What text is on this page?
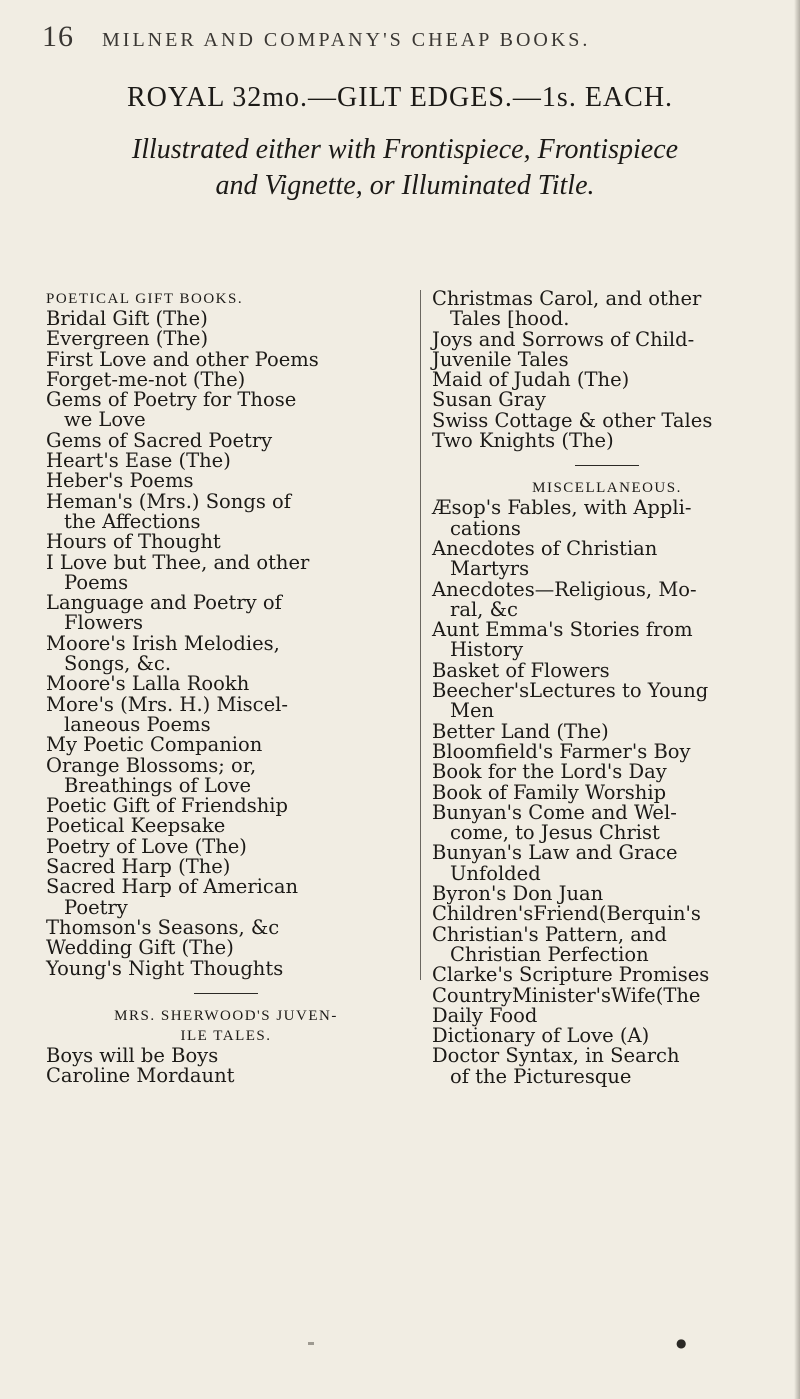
16 MILNER AND COMPANY'S CHEAP BOOKS.
ROYAL 32mo.—GILT EDGES.—1s. EACH.
Illustrated either with Frontispiece, Frontispiece
and Vignette, or Illuminated Title.
POETICAL GIFT BOOKS.
Bridal Gift (The)
Evergreen (The)
First Love and other Poems
Forget-me-not (The)
Gems of Poetry for Those
we Love
Gems of Sacred Poetry
Heart's Ease (The)
Heber's Poems
Heman's (Mrs.) Songs of
the Affections
Hours of Thought
I Love but Thee, and other
Poems
Language and Poetry of
Flowers
Moore's Irish Melodies,
Songs, &c.
Moore's Lalla Rookh
More's (Mrs. H.) Miscel-
laneous Poems
My Poetic Companion
Orange Blossoms; or,
Breathings of Love
Poetic Gift of Friendship
Poetical Keepsake
Poetry of Love (The)
Sacred Harp (The)
Sacred Harp of American
Poetry
Thomson's Seasons, &c
Wedding Gift (The)
Young's Night Thoughts
MRS. SHERWOOD'S JUVEN-
ILE TALES.
Boys will be Boys
Caroline Mordaunt
Christmas Carol, and other
Tales [hood.
Joys and Sorrows of Child-
Juvenile Tales
Maid of Judah (The)
Susan Gray
Swiss Cottage & other Tales
Two Knights (The)
MISCELLANEOUS.
Æsop's Fables, with Appli-
cations
Anecdotes of Christian
Martyrs
Anecdotes—Religious, Mo-
ral, &c
Aunt Emma's Stories from
History
Basket of Flowers
Beecher'sLectures to Young
Men
Better Land (The)
Bloomfield's Farmer's Boy
Book for the Lord's Day
Book of Family Worship
Bunyan's Come and Wel-
come, to Jesus Christ
Bunyan's Law and Grace
Unfolded
Byron's Don Juan
Children'sFriend(Berquin's
Christian's Pattern, and
Christian Perfection
Clarke's Scripture Promises
CountryMinister'sWife(The
Daily Food
Dictionary of Love (A)
Doctor Syntax, in Search
of the Picturesque
●
